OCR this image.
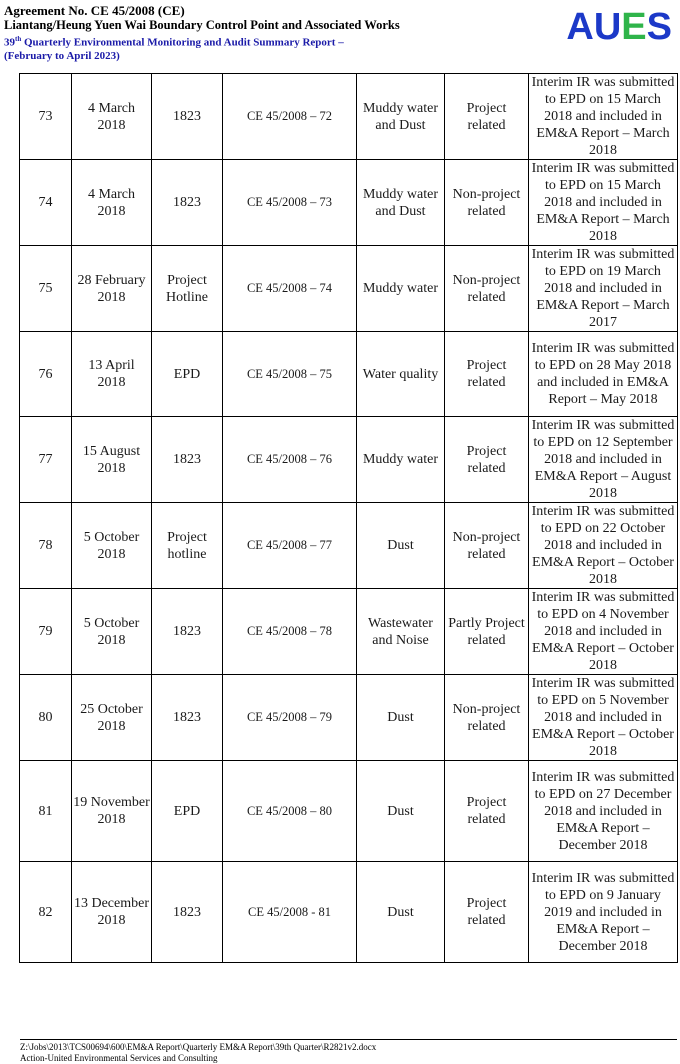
Agreement No. CE 45/2008 (CE)
Liantang/Heung Yuen Wai Boundary Control Point and Associated Works
39th Quarterly Environmental Monitoring and Audit Summary Report –
(February to April 2023)
AUES
73	4 March 2018	1823	CE 45/2008 – 72	Muddy water and Dust	Project related	Interim IR was submitted to EPD on 15 March 2018 and included in EM&A Report – March 2018
74	4 March 2018	1823	CE 45/2008 – 73	Muddy water and Dust	Non-project related	Interim IR was submitted to EPD on 15 March 2018 and included in EM&A Report – March 2018
75	28 February 2018	Project Hotline	CE 45/2008 – 74	Muddy water	Non-project related	Interim IR was submitted to EPD on 19 March 2018 and included in EM&A Report – March 2017
76	13 April 2018	EPD	CE 45/2008 – 75	Water quality	Project related	Interim IR was submitted to EPD on 28 May 2018 and included in EM&A Report – May 2018
77	15 August 2018	1823	CE 45/2008 – 76	Muddy water	Project related	Interim IR was submitted to EPD on 12 September 2018 and included in EM&A Report – August 2018
78	5 October 2018	Project hotline	CE 45/2008 – 77	Dust	Non-project related	Interim IR was submitted to EPD on 22 October 2018 and included in EM&A Report – October 2018
79	5 October 2018	1823	CE 45/2008 – 78	Wastewater and Noise	Partly Project related	Interim IR was submitted to EPD on 4 November 2018 and included in EM&A Report – October 2018
80	25 October 2018	1823	CE 45/2008 – 79	Dust	Non-project related	Interim IR was submitted to EPD on 5 November 2018 and included in EM&A Report – October 2018
81	19 November 2018	EPD	CE 45/2008 – 80	Dust	Project related	Interim IR was submitted to EPD on 27 December 2018 and included in EM&A Report – December 2018
82	13 December 2018	1823	CE 45/2008 - 81	Dust	Project related	Interim IR was submitted to EPD on 9 January 2019 and included in EM&A Report – December 2018
Z:\Jobs\2013\TCS00694\600\EM&A Report\Quarterly EM&A Report\39th Quarter\R2821v2.docx
Action-United Environmental Services and Consulting
